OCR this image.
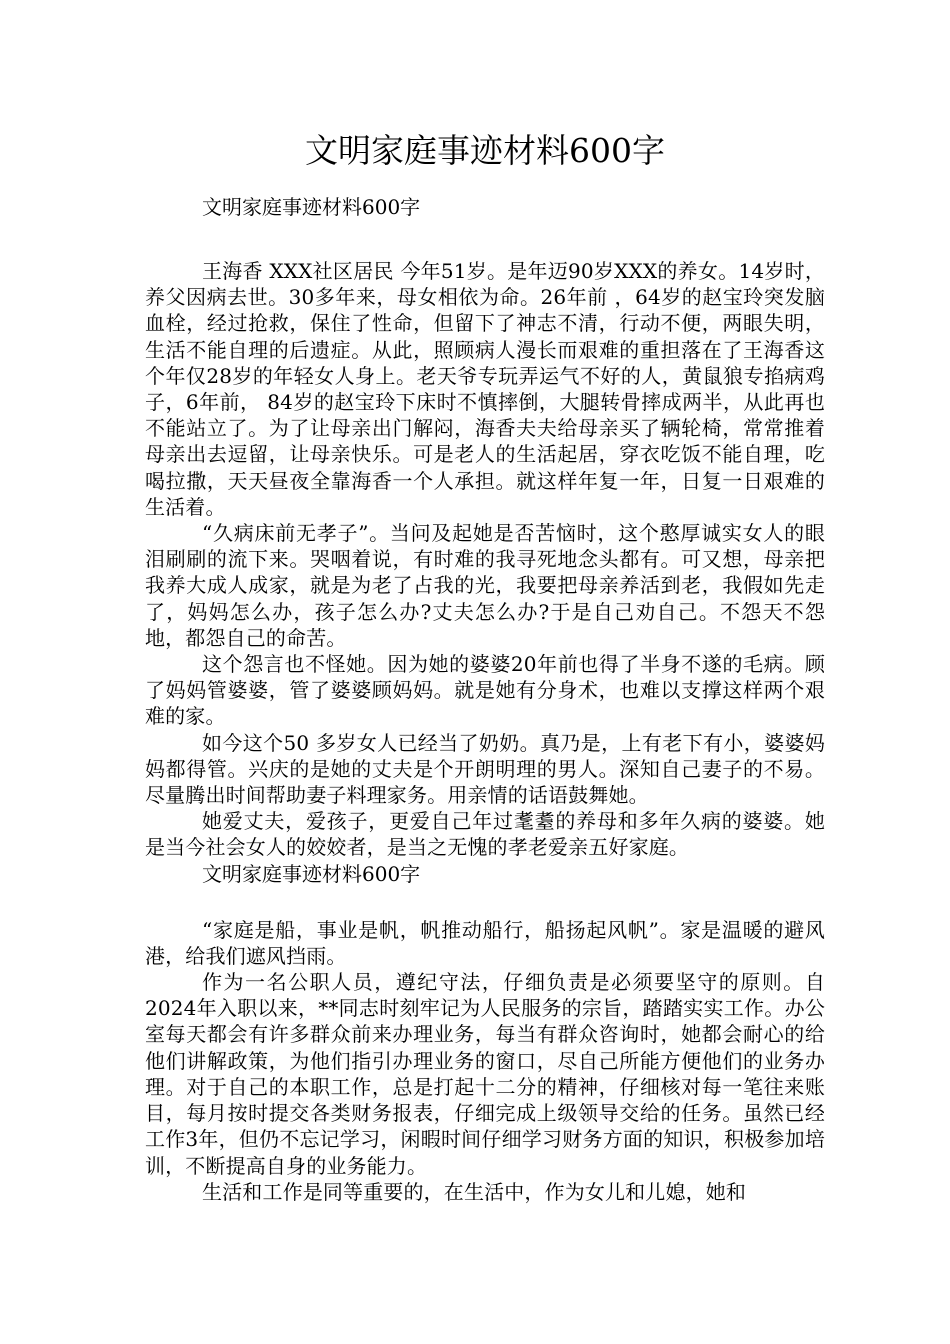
文明家庭事迹材料600字

文明家庭事迹材料600字

王海香 XXX社区居民 今年51岁。是年迈90岁XXX的养女。14岁时，养父因病去世。30多年来，母女相依为命。26年前 ，64岁的赵宝玲突发脑血栓，经过抢救，保住了性命，但留下了神志不清，行动不便，两眼失明，生活不能自理的后遗症。从此，照顾病人漫长而艰难的重担落在了王海香这个年仅28岁的年轻女人身上。老天爷专玩弄运气不好的人，黄鼠狼专掐病鸡子，6年前， 84岁的赵宝玲下床时不慎摔倒，大腿转骨摔成两半，从此再也不能站立了。为了让母亲出门解闷，海香夫夫给母亲买了辆轮椅，常常推着母亲出去逗留，让母亲快乐。可是老人的生活起居，穿衣吃饭不能自理，吃喝拉撒，天天昼夜全靠海香一个人承担。就这样年复一年，日复一日艰难的生活着。

“久病床前无孝子”。当问及起她是否苦恼时，这个憨厚诚实女人的眼泪刷刷的流下来。哭咽着说，有时难的我寻死地念头都有。可又想，母亲把我养大成人成家，就是为老了占我的光，我要把母亲养活到老，我假如先走了，妈妈怎么办，孩子怎么办?丈夫怎么办?于是自己劝自己。不怨天不怨地，都怨自己的命苦。

这个怨言也不怪她。因为她的婆婆20年前也得了半身不遂的毛病。顾了妈妈管婆婆，管了婆婆顾妈妈。就是她有分身术，也难以支撑这样两个艰难的家。

如今这个50 多岁女人已经当了奶奶。真乃是，上有老下有小，婆婆妈妈都得管。兴庆的是她的丈夫是个开朗明理的男人。深知自己妻子的不易。尽量腾出时间帮助妻子料理家务。用亲情的话语鼓舞她。

她爱丈夫，爱孩子，更爱自己年过耄耋的养母和多年久病的婆婆。她是当今社会女人的姣姣者，是当之无愧的孝老爱亲五好家庭。

文明家庭事迹材料600字

“家庭是船，事业是帆，帆推动船行，船扬起风帆”。家是温暖的避风港，给我们遮风挡雨。

作为一名公职人员，遵纪守法，仔细负责是必须要坚守的原则。自2024年入职以来，**同志时刻牢记为人民服务的宗旨，踏踏实实工作。办公室每天都会有许多群众前来办理业务，每当有群众咨询时，她都会耐心的给他们讲解政策，为他们指引办理业务的窗口，尽自己所能方便他们的业务办理。对于自己的本职工作，总是打起十二分的精神，仔细核对每一笔往来账目，每月按时提交各类财务报表，仔细完成上级领导交给的任务。虽然已经工作3年，但仍不忘记学习，闲暇时间仔细学习财务方面的知识，积极参加培训，不断提高自身的业务能力。

生活和工作是同等重要的，在生活中，作为女儿和儿媳，她和
